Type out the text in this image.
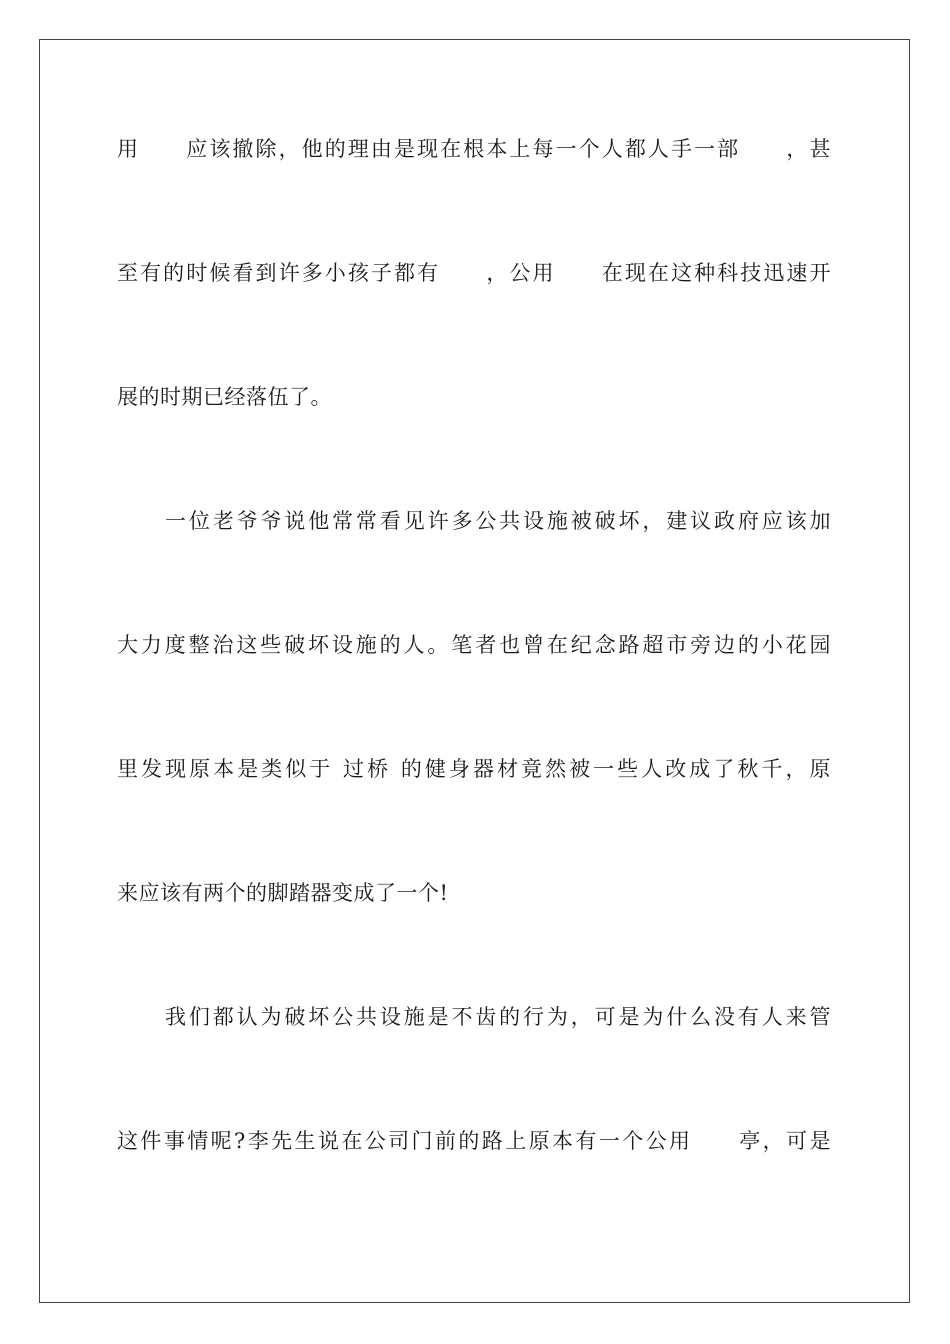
用　　应该撤除，他的理由是现在根本上每一个人都人手一部　　，甚
至有的时候看到许多小孩子都有　　，公用　　在现在这种科技迅速开
展的时期已经落伍了。
一位老爷爷说他常常看见许多公共设施被破坏，建议政府应该加
大力度整治这些破坏设施的人。笔者也曾在纪念路超市旁边的小花园
里发现原本是类似于 过桥 的健身器材竟然被一些人改成了秋千，原
来应该有两个的脚踏器变成了一个!
我们都认为破坏公共设施是不齿的行为，可是为什么没有人来管
这件事情呢?李先生说在公司门前的路上原本有一个公用　　亭，可是
